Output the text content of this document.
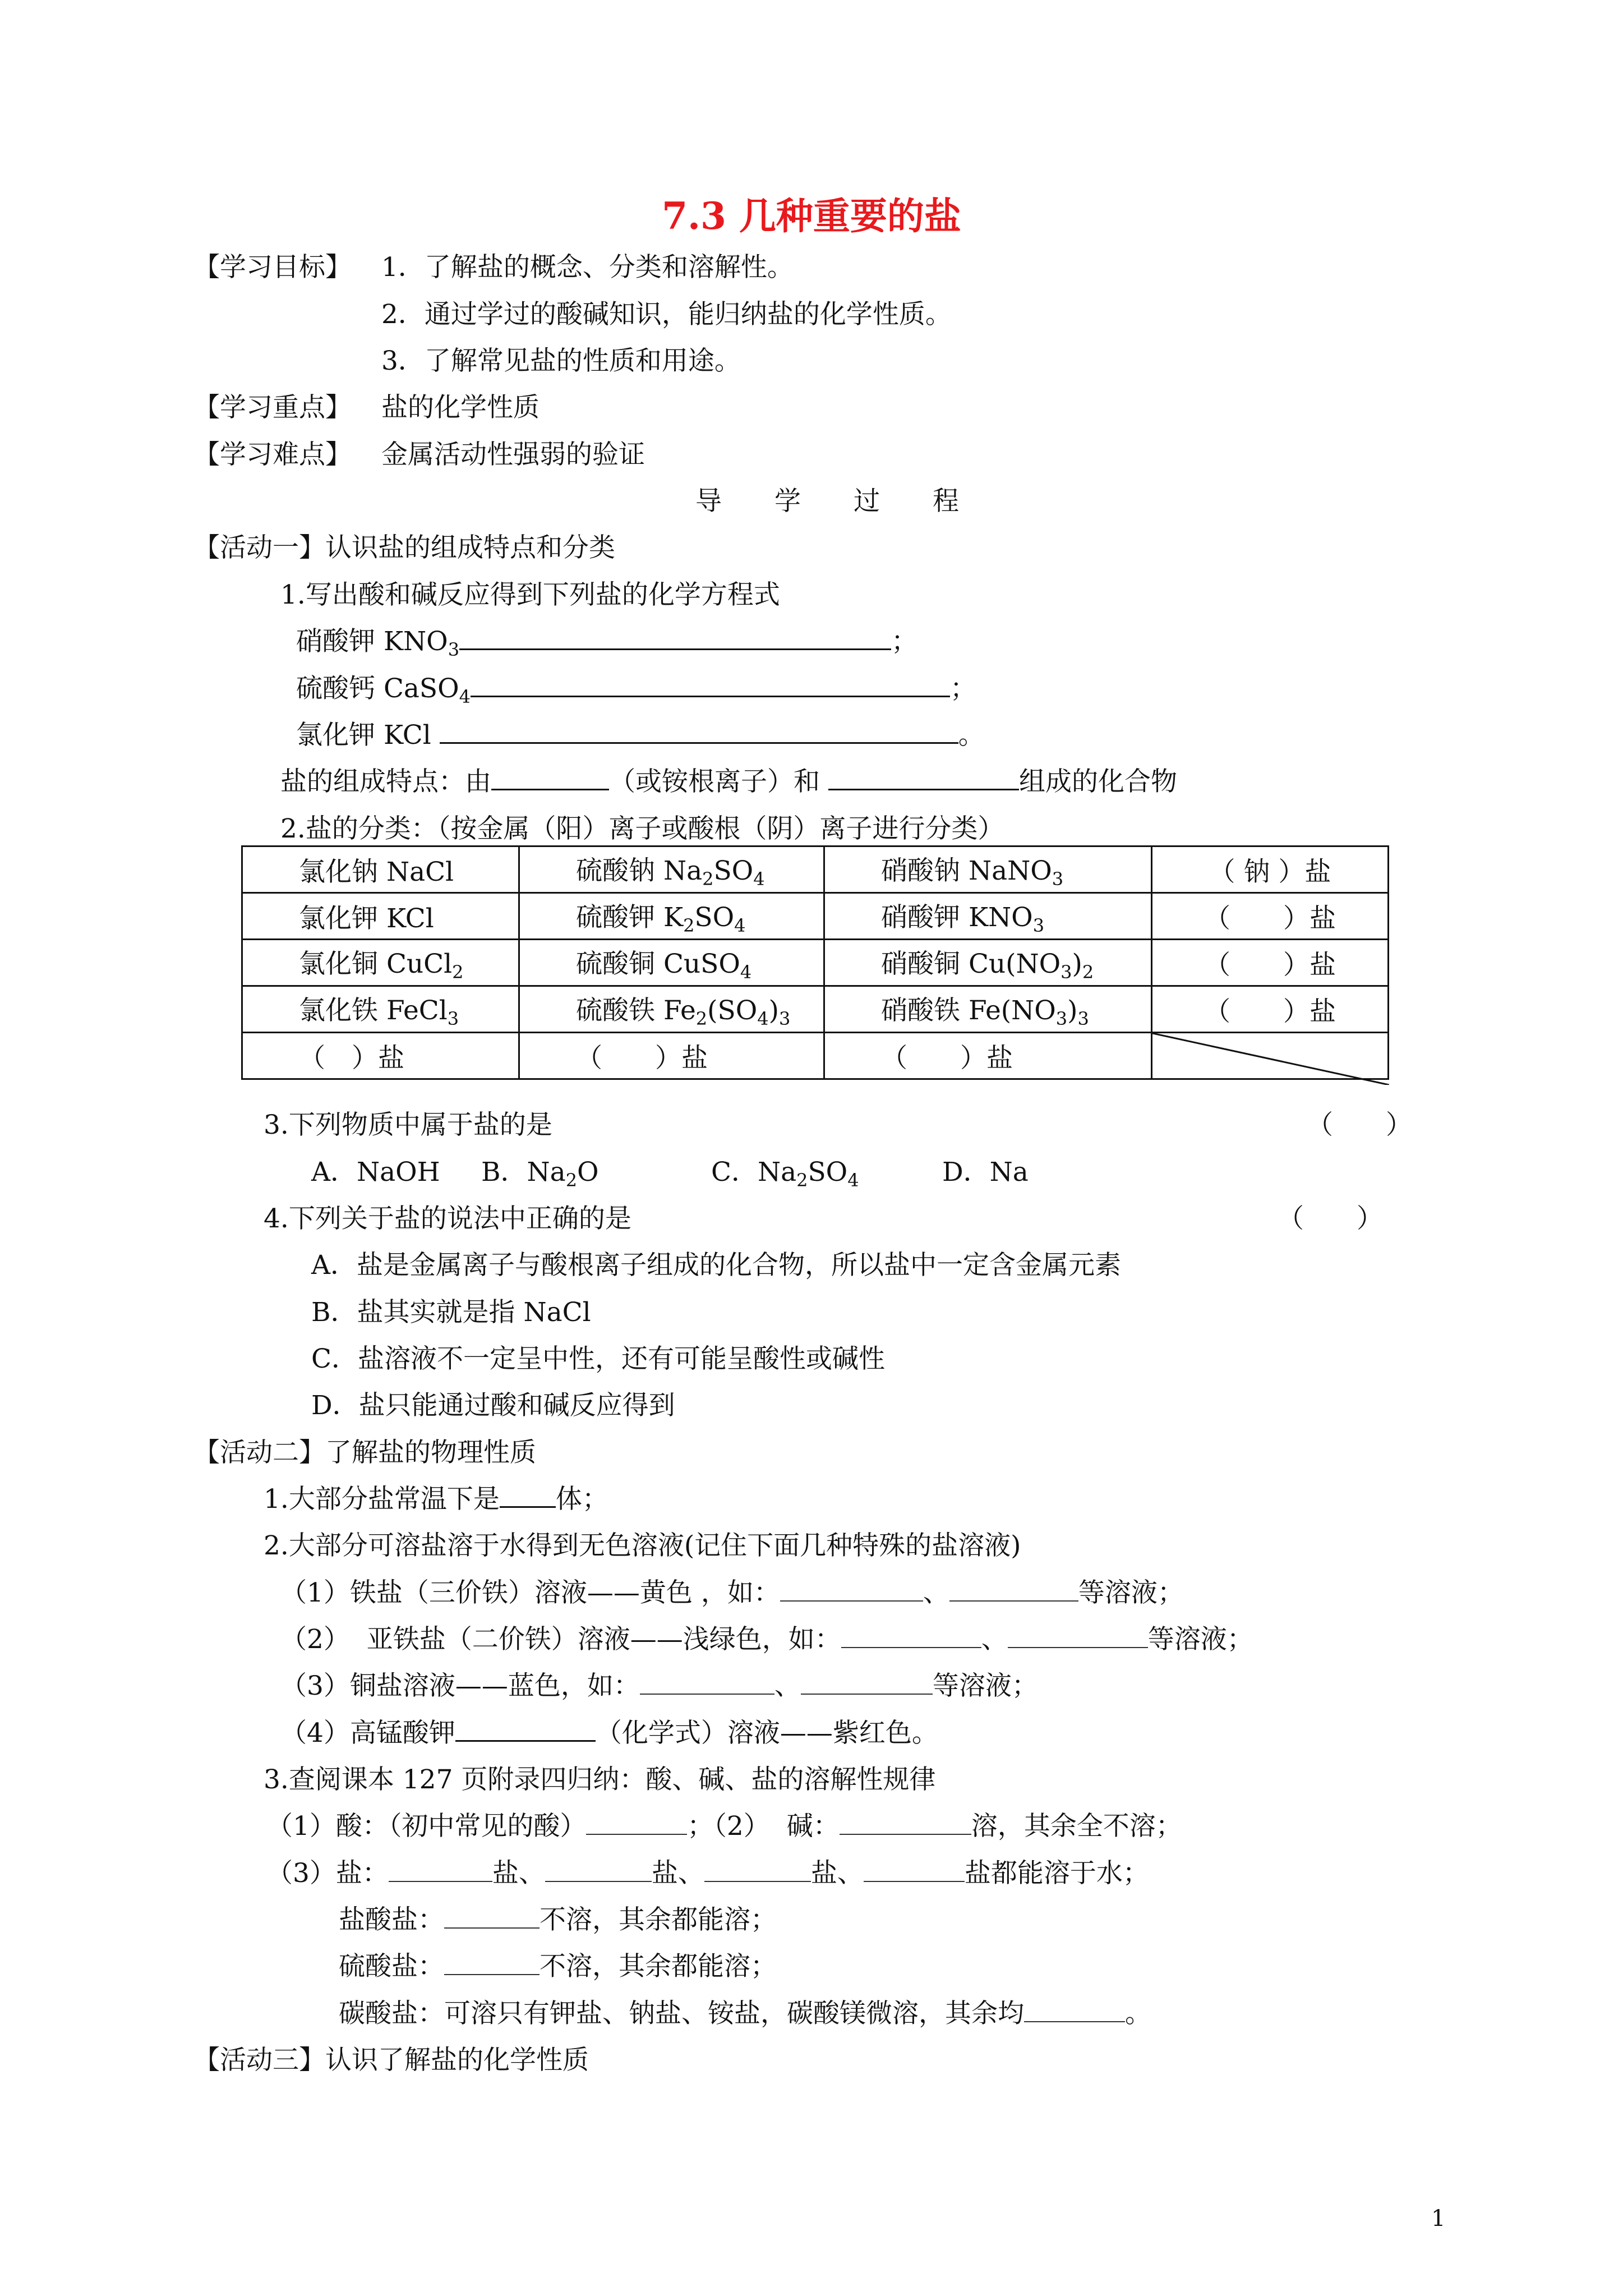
7.3 几种重要的盐
【学习目标】 1．了解盐的概念、分类和溶解性。
2．通过学过的酸碱知识，能归纳盐的化学性质。
3．了解常见盐的性质和用途。
【学习重点】 盐的化学性质
【学习难点】 金属活动性强弱的验证
导　　学　　过　　程
【活动一】认识盐的组成特点和分类
1.写出酸和碱反应得到下列盐的化学方程式
硝酸钾 $KNO_3$	；
硫酸钙 CaSO$_4$	；
氯化钾 KCl	。
盐的组成特点：由	（或铵根离子）和	组成的化合物
2.盐的分类：（按金属（阳）离子或酸根（阴）离子进行分类）
氯化钠 NaCl	硫酸钠 $Na_2SO_4$	硝酸钠 NaNO$_3$	（ 钠 ）盐
氯化钾 KCl	硫酸钾 $K_2SO_4$	硝酸钾 $KNO_3$	（　　）盐
氯化铜 CuCl$_2$	硫酸铜 CuSO$_4$	硝酸铜 $Cu(NO_3)_2$	（　　）盐
氯化铁 FeCl$_3$	硫酸铁 $Fe_2(SO_4)_3$	硝酸铁 $Fe(NO_3)_3$	（　　）盐
（　）盐	（　　）盐	（　　）盐	
3.下列物质中属于盐的是	（　　）
A．NaOH B．$Na_2O$	C．$Na_2SO_4$	D．Na
4.下列关于盐的说法中正确的是	（　　）
A．盐是金属离子与酸根离子组成的化合物，所以盐中一定含金属元素
B．盐其实就是指 NaCl
C．盐溶液不一定呈中性，还有可能呈酸性或碱性
D．盐只能通过酸和碱反应得到
【活动二】了解盐的物理性质
1.大部分盐常温下是 体；
2.大部分可溶盐溶于水得到无色溶液(记住下面几种特殊的盐溶液)
（1）铁盐（三价铁）溶液——黄色 ，如：	、	等溶液；
（2）  亚铁盐（二价铁）溶液——浅绿色，如：	、	等溶液；
（3）铜盐溶液——蓝色，如：	、	等溶液；
（4）高锰酸钾	（化学式）溶液——紫红色。
3.查阅课本 127 页附录四归纳：酸、碱、盐的溶解性规律
（1）酸：（初中常见的酸）	；（2）  碱：	溶，其余全不溶；
（3）盐：	盐、	盐、	盐、	盐都能溶于水；
盐酸盐：	不溶，其余都能溶；
硫酸盐：	不溶，其余都能溶；
碳酸盐：可溶只有钾盐、钠盐、铵盐，碳酸镁微溶，其余均	。
【活动三】认识了解盐的化学性质
1
